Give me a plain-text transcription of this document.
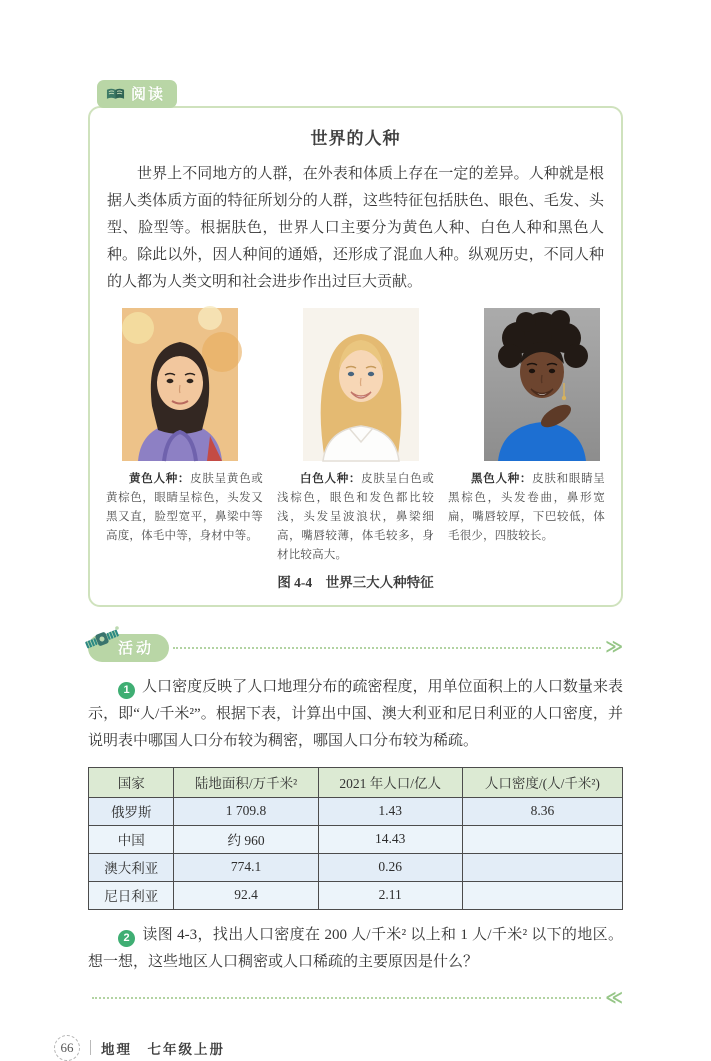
阅读
世界的人种

世界上不同地方的人群，在外表和体质上存在一定的差异。人种就是根据人类体质方面的特征所划分的人群，这些特征包括肤色、眼色、毛发、头型、脸型等。根据肤色，世界人口主要分为黄色人种、白色人种和黑色人种。除此以外，因人种间的通婚，还形成了混血人种。纵观历史，不同人种的人都为人类文明和社会进步作出过巨大贡献。

黄色人种：皮肤呈黄色或黄棕色，眼睛呈棕色，头发又黑又直，脸型宽平，鼻梁中等高度，体毛中等，身材中等。

白色人种：皮肤呈白色或浅棕色，眼色和发色都比较浅，头发呈波浪状，鼻梁细高，嘴唇较薄，体毛较多，身材比较高大。

黑色人种：皮肤和眼睛呈黑棕色，头发卷曲，鼻形宽扁，嘴唇较厚，下巴较低，体毛很少，四肢较长。

图 4-4　世界三大人种特征

活动	≫

1 人口密度反映了人口地理分布的疏密程度，用单位面积上的人口数量来表示，即“人/千米²”。根据下表，计算出中国、澳大利亚和尼日利亚的人口密度，并说明表中哪国人口分布较为稠密，哪国人口分布较为稀疏。

国家	陆地面积/万千米²	2021 年人口/亿人	人口密度/(人/千米²)
俄罗斯	1 709.8	1.43	8.36
中国	约 960	14.43	
澳大利亚	774.1	0.26	
尼日利亚	92.4	2.11	

2 读图 4-3，找出人口密度在 200 人/千米² 以上和 1 人/千米² 以下的地区。想一想，这些地区人口稠密或人口稀疏的主要原因是什么？

≪
66	地理　七年级上册
